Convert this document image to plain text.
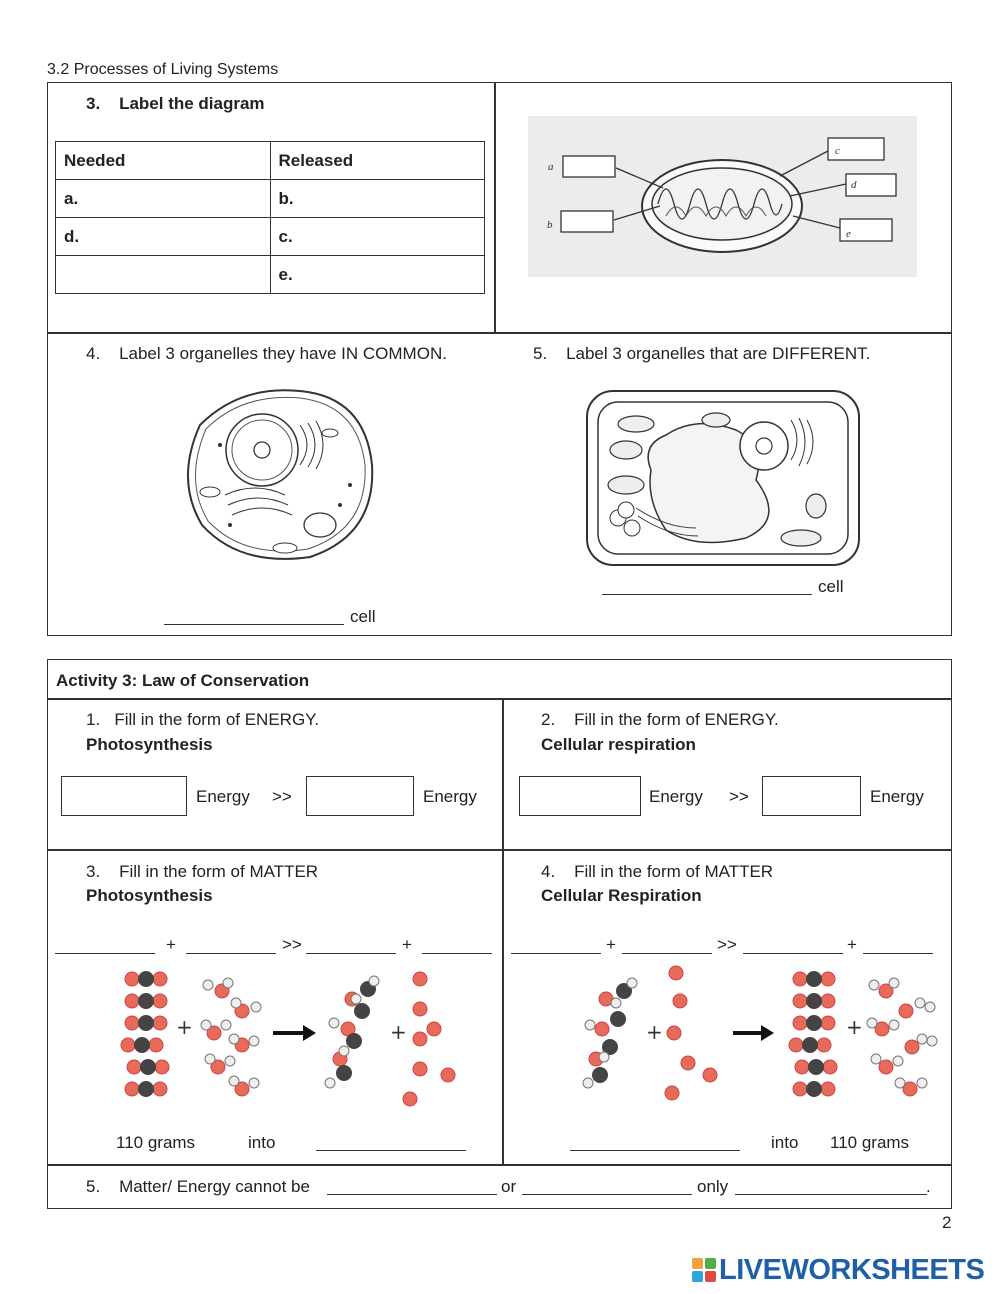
3.2 Processes of Living Systems
3.    Label the diagram
Needed	Released
a.	b.
d.	c.
	e.
a
b
c
d
e
4.    Label 3 organelles they have IN COMMON.	5.    Label 3 organelles that are DIFFERENT.
cell
cell
Activity 3: Law of Conservation
1.   Fill in the form of ENERGY.
Photosynthesis
Energy >>	Energy
2.    Fill in the form of ENERGY.
Cellular respiration
Energy >>	Energy
3.    Fill in the form of MATTER
Photosynthesis
+	>>	+
+	+
110 grams	into
4.    Fill in the form of MATTER
Cellular Respiration
+	>>	+
+	+
into 110 grams
5.    Matter/ Energy cannot be	or	only	.
2
LIVEWORKSHEETS
